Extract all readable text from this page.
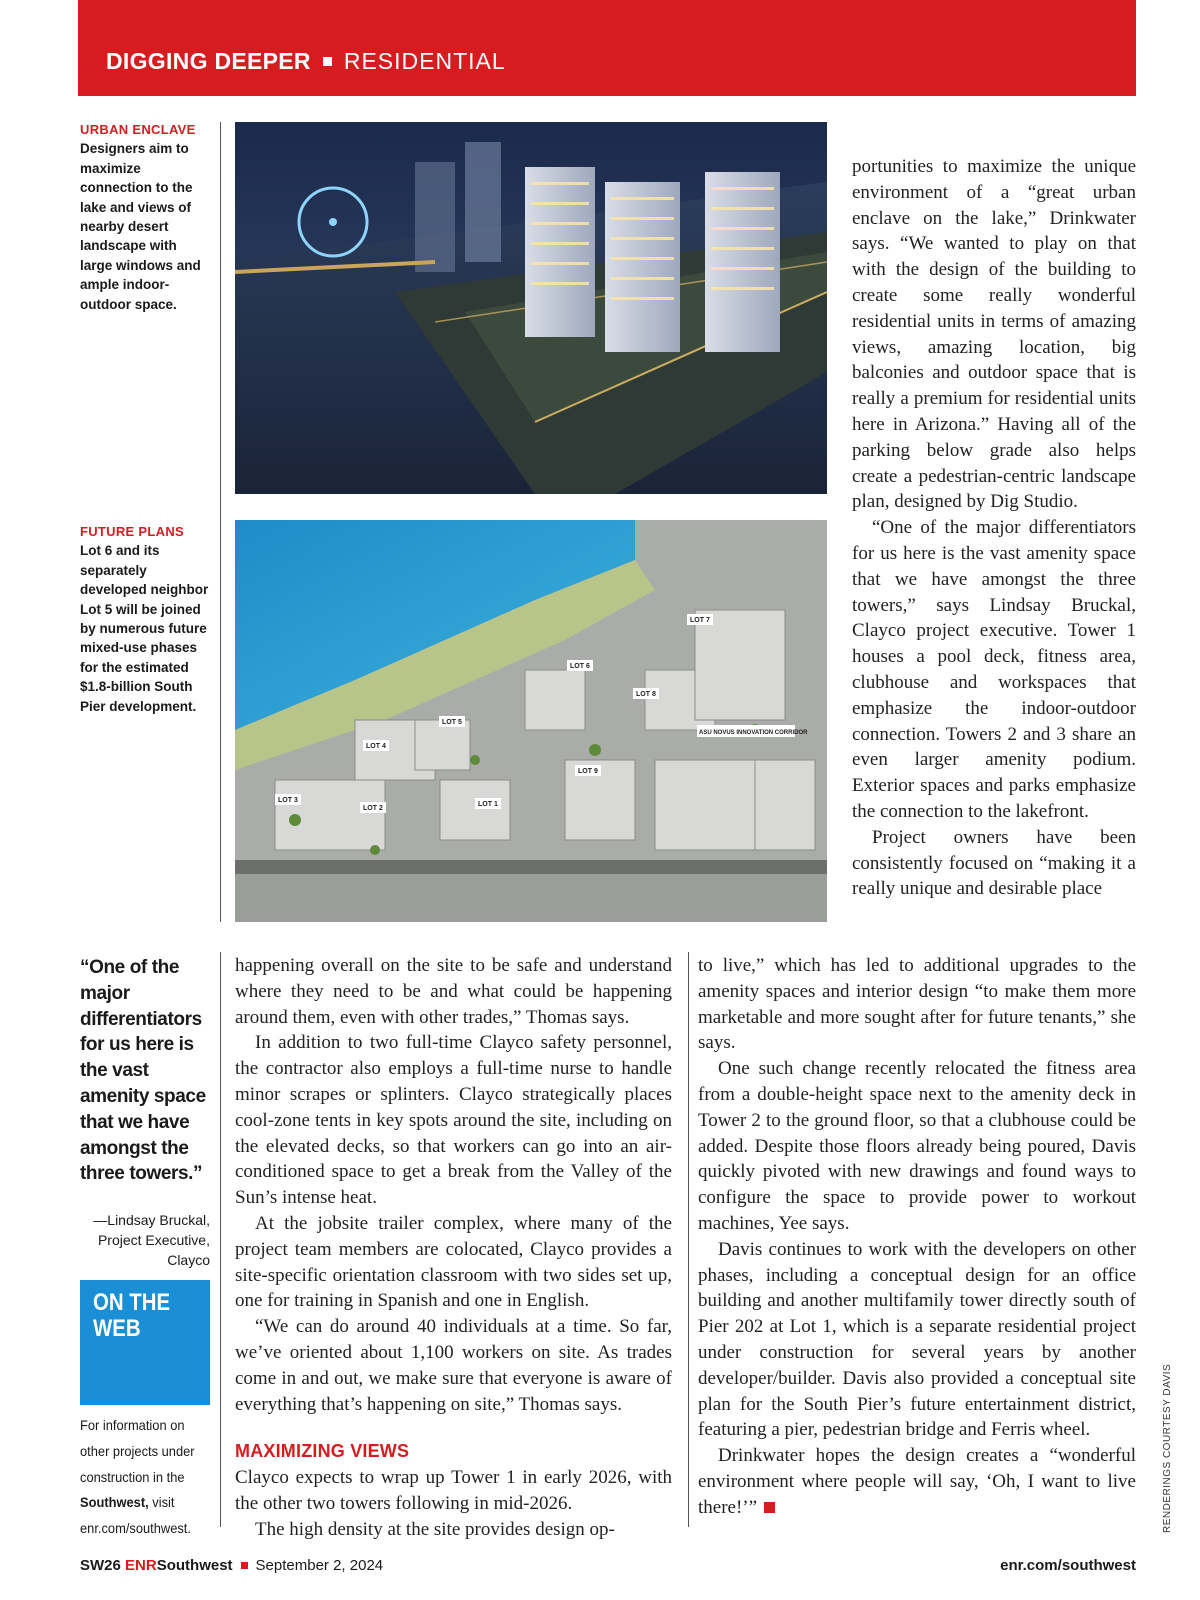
DIGGING DEEPER RESIDENTIAL
URBAN ENCLAVE
Designers aim to maximize connection to the lake and views of nearby desert landscape with large windows and ample indoor-outdoor space.
FUTURE PLANS
Lot 6 and its separately developed neighbor Lot 5 will be joined by numerous future mixed-use phases for the estimated $1.8-billion South Pier development.
LOT 7
LOT 6
LOT 8
LOT 5
LOT 4
ASU NOVUS INNOVATION CORRIDOR
LOT 9
LOT 3
LOT 2
LOT 1

portunities to maximize the unique environment of a “great urban enclave on the lake,” Drinkwater says. “We wanted to play on that with the design of the building to create some really wonderful residential units in terms of amazing views, amazing location, big balconies and outdoor space that is really a premium for residential units here in Arizona.” Having all of the parking below grade also helps create a pedestrian-centric landscape plan, designed by Dig Studio.

“One of the major differentiators for us here is the vast amenity space that we have amongst the three towers,” says Lindsay Bruckal, Clayco project executive. Tower 1 houses a pool deck, fitness area, clubhouse and workspaces that emphasize the indoor-outdoor connection. Towers 2 and 3 share an even larger amenity podium. Exterior spaces and parks emphasize the connection to the lakefront.

Project owners have been consistently focused on “making it a really unique and desirable place

“One of the major differentiators for us here is the vast amenity space that we have amongst the three towers.”
—Lindsay Bruckal, Project Executive, Clayco
ON THE WEB
For information on other projects under construction in the Southwest, visit enr.com/southwest.

happening overall on the site to be safe and understand where they need to be and what could be happening around them, even with other trades,” Thomas says.

In addition to two full-time Clayco safety personnel, the contractor also employs a full-time nurse to handle minor scrapes or splinters. Clayco strategically places cool-zone tents in key spots around the site, including on the elevated decks, so that workers can go into an air-conditioned space to get a break from the Valley of the Sun’s intense heat.

At the jobsite trailer complex, where many of the project team members are colocated, Clayco provides a site-specific orientation classroom with two sides set up, one for training in Spanish and one in English.

“We can do around 40 individuals at a time. So far, we’ve oriented about 1,100 workers on site. As trades come in and out, we make sure that everyone is aware of everything that’s happening on site,” Thomas says.

MAXIMIZING VIEWS

Clayco expects to wrap up Tower 1 in early 2026, with the other two towers following in mid-2026.

The high density at the site provides design op-

to live,” which has led to additional upgrades to the amenity spaces and interior design “to make them more marketable and more sought after for future tenants,” she says.

One such change recently relocated the fitness area from a double-height space next to the amenity deck in Tower 2 to the ground floor, so that a clubhouse could be added. Despite those floors already being poured, Davis quickly pivoted with new drawings and found ways to configure the space to provide power to workout machines, Yee says.

Davis continues to work with the developers on other phases, including a conceptual design for an office building and another multifamily tower directly south of Pier 202 at Lot 1, which is a separate residential project under construction for several years by another developer/builder. Davis also provided a conceptual site plan for the South Pier’s future entertainment district, featuring a pier, pedestrian bridge and Ferris wheel.

Drinkwater hopes the design creates a “wonderful environment where people will say, ‘Oh, I want to live there!’”	RENDERINGS COURTESY DAVIS
SW26 ENRSouthwest September 2, 2024	enr.com/southwest
